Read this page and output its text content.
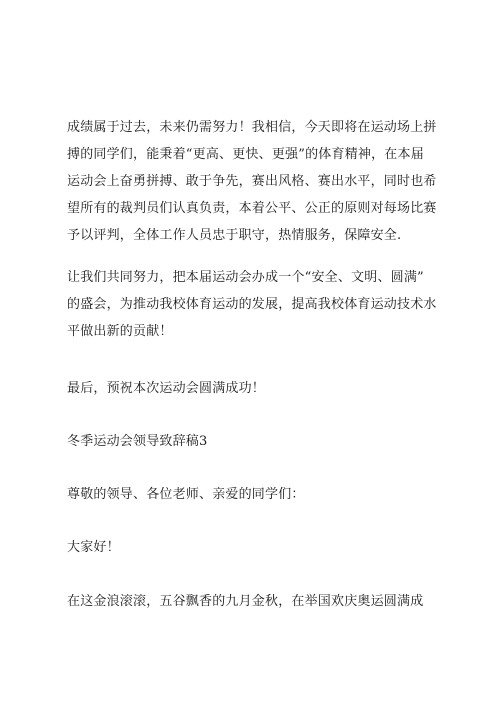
成绩属于过去，未来仍需努力！我相信，今天即将在运动场上拼
搏的同学们，能秉着“更高、更快、更强”的体育精神，在本届
运动会上奋勇拼搏、敢于争先，赛出风格、赛出水平，同时也希
望所有的裁判员们认真负责，本着公平、公正的原则对每场比赛
予以评判，全体工作人员忠于职守，热情服务，保障安全.
让我们共同努力，把本届运动会办成一个“安全、文明、圆满”
的盛会，为推动我校体育运动的发展，提高我校体育运动技术水
平做出新的贡献！
最后，预祝本次运动会圆满成功！
冬季运动会领导致辞稿3
尊敬的领导、各位老师、亲爱的同学们：
大家好！
在这金浪滚滚，五谷飘香的九月金秋，在举国欢庆奥运圆满成
